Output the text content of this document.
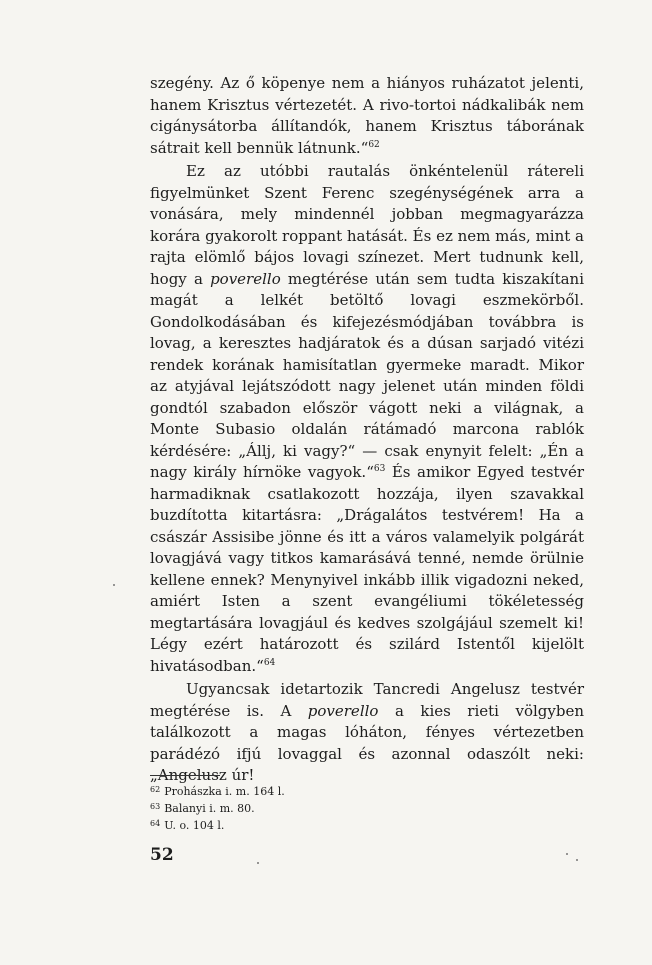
szegény. Az ő köpenye nem a hiányos ruházatot jelenti, hanem Krisztus vértezetét. A rivo-tortoi nádkalibák nem cigánysátorba állítandók, hanem Krisztus táborának sátrait kell bennük látnunk.“$^{62}$

Ez az utóbbi rautalás önkéntelenül rátereli figyelmünket Szent Ferenc szegénységének arra a vonására, mely mindennél jobban megmagyarázza korára gyakorolt roppant hatását. És ez nem más, mint a rajta elömlő bájos lovagi színezet. Mert tudnunk kell, hogy a poverello megtérése után sem tudta kiszakítani magát a lelkét betöltő lovagi eszmekörből. Gondolkodásában és kifejezésmódjában továbbra is lovag, a keresztes hadjáratok és a dúsan sarjadó vitézi rendek korának hamisítatlan gyermeke maradt. Mikor az atyjával lejátszódott nagy jelenet után minden földi gondtól szabadon először vágott neki a világnak, a Monte Subasio oldalán rátámadó marcona rablók kérdésére: „Állj, ki vagy?“ — csak enynyit felelt: „Én a nagy király hírnöke vagyok.“$^{63}$ És amikor Egyed testvér harmadiknak csatlakozott hozzája, ilyen szavakkal buzdította kitartásra: „Drágalátos testvérem! Ha a császár Assisibe jönne és itt a város valamelyik polgárát lovagjává vagy titkos kamarásává tenné, nemde örülnie kellene ennek? Menynyivel inkább illik vigadozni neked, amiért Isten a szent evangéliumi tökéletesség megtartására lovagjául és kedves szolgájául szemelt ki! Légy ezért határozott és szilárd Istentől kijelölt hivatásodban.“$^{64}$

Ugyancsak idetartozik Tancredi Angelusz testvér megtérése is. A poverello a kies rieti völgyben találkozott a magas lóháton, fényes vértezetben parádézó ifjú lovaggal és azonnal odaszólt neki: „Angelusz úr!

$^{62}$ Prohászka i. m. 164 l.

$^{63}$ Balanyi i. m. 80.

$^{64}$ U. o. 104 l.

52
